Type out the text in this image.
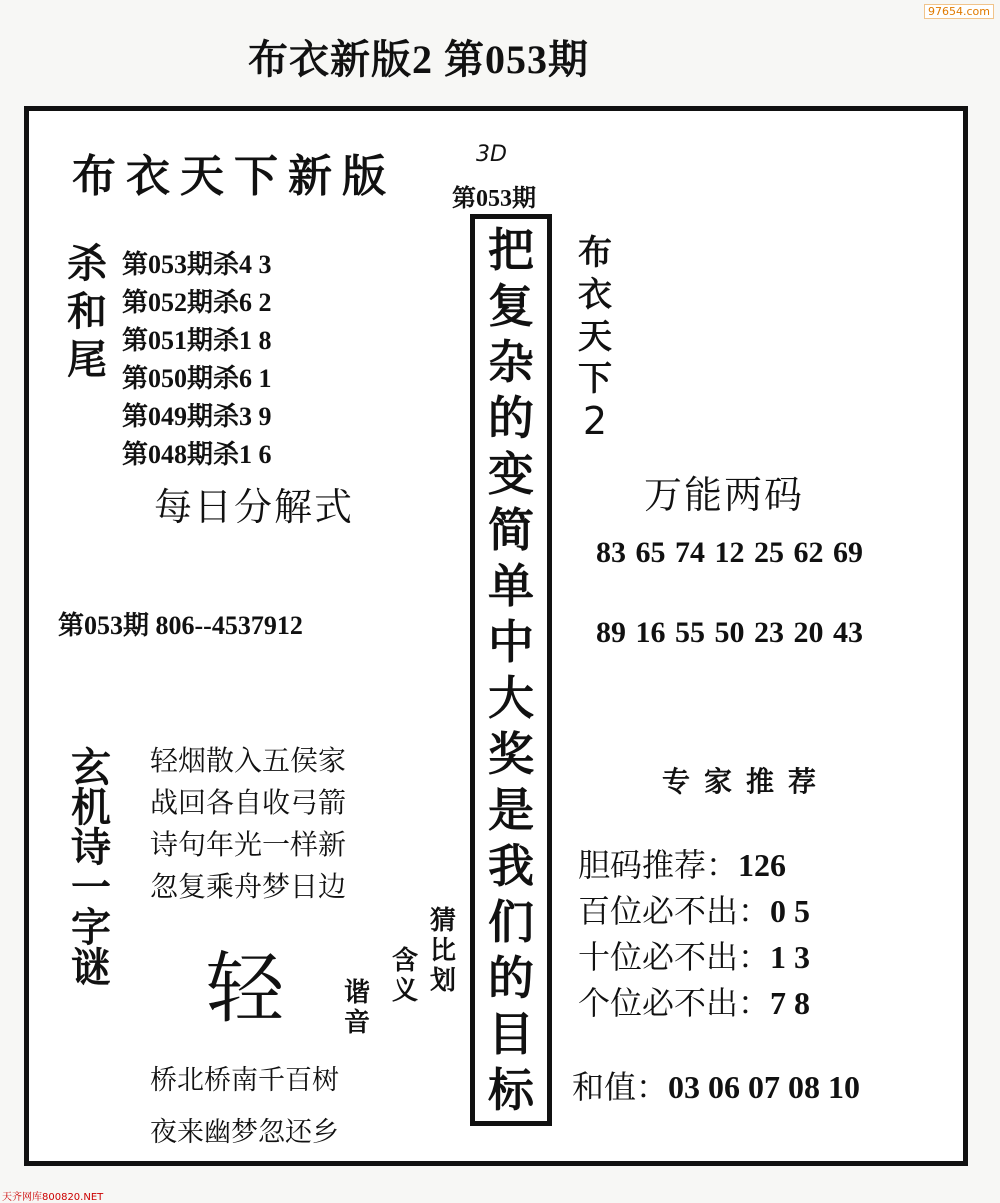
布衣新版2 第053期
97654.com
布衣天下新版	3D
第053期
杀
和
尾
第053期杀4 3
第052期杀6 2
第051期杀1 8
第050期杀6 1
第049期杀3 9
第048期杀1 6
每日分解式
第053期 806--4537912
玄
机
诗
一
字
谜
轻烟散入五侯家
战回各自收弓箭
诗句年光一样新
忽复乘舟梦日边
轻 谐
音
含
义
猜
比
划
桥北桥南千百树
夜来幽梦忽还乡
把
复
杂
的
变
简
单
中
大
奖
是
我
们
的
目
标
布
衣
天
下
2
万能两码
83 65 74 12 25 62 69
89 16 55 50 23 20 43
专家推荐
胆码推荐：126
百位必不出：0 5
十位必不出：1 3
个位必不出：7 8
和值：03 06 07 08 10
天齐网库800820.NET
